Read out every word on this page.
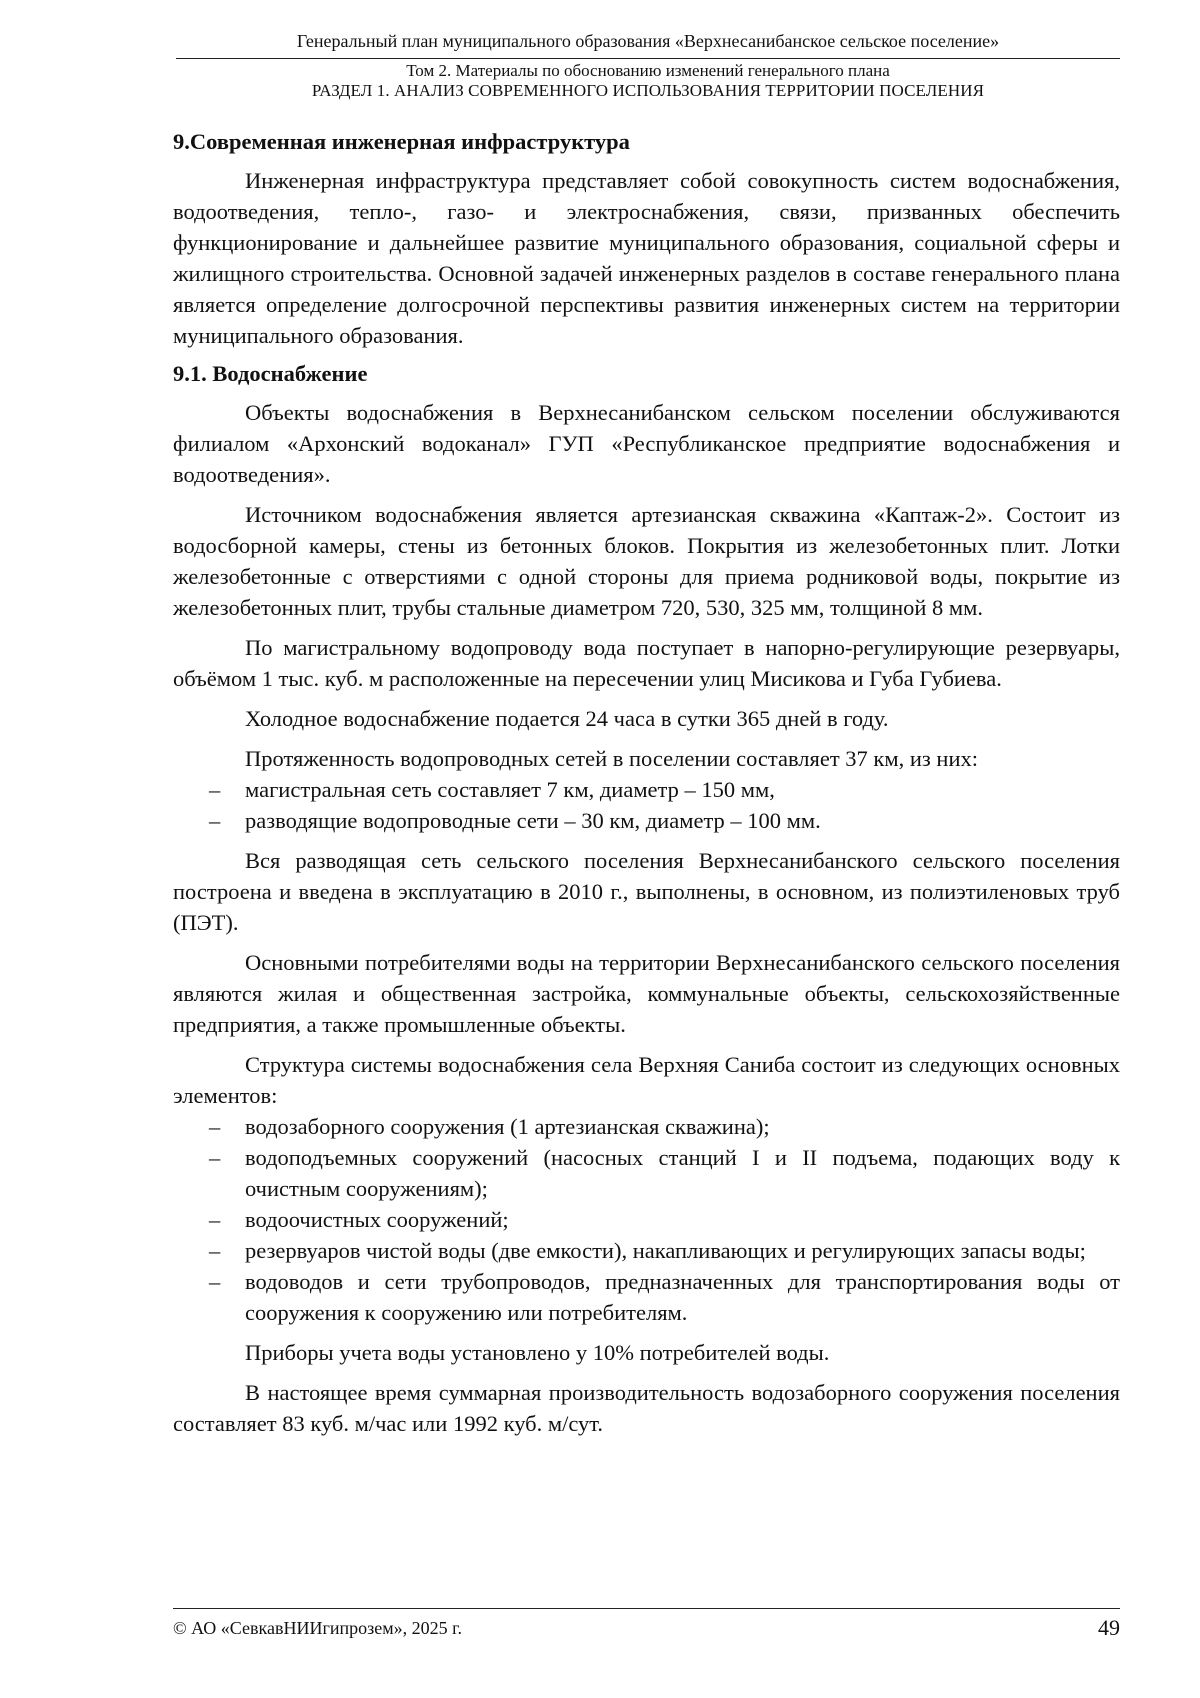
Генеральный план муниципального образования «Верхнесанибанское сельское поселение»
Том 2. Материалы по обоснованию изменений генерального плана
РАЗДЕЛ 1. АНАЛИЗ СОВРЕМЕННОГО ИСПОЛЬЗОВАНИЯ ТЕРРИТОРИИ ПОСЕЛЕНИЯ
9.Современная инженерная инфраструктура

Инженерная инфраструктура представляет собой совокупность систем водоснабжения, водоотведения, тепло-, газо- и электроснабжения, связи, призванных обеспечить функционирование и дальнейшее развитие муниципального образования, социальной сферы и жилищного строительства. Основной задачей инженерных разделов в составе генерального плана является определение долгосрочной перспективы развития инженерных систем на территории муниципального образования.

9.1. Водоснабжение

Объекты водоснабжения в Верхнесанибанском сельском поселении обслуживаются филиалом «Архонский водоканал» ГУП «Республиканское предприятие водоснабжения и водоотведения».

Источником водоснабжения является артезианская скважина «Каптаж-2». Состоит из водосборной камеры, стены из бетонных блоков. Покрытия из железобетонных плит. Лотки железобетонные с отверстиями с одной стороны для приема родниковой воды, покрытие из железобетонных плит, трубы стальные диаметром 720, 530, 325 мм, толщиной 8 мм.

По магистральному водопроводу вода поступает в напорно-регулирующие резервуары, объёмом 1 тыс. куб. м расположенные на пересечении улиц Мисикова и Губа Губиева.

Холодное водоснабжение подается 24 часа в сутки 365 дней в году.

Протяженность водопроводных сетей в поселении составляет 37 км, из них:

– магистральная сеть составляет 7 км, диаметр – 150 мм,
– разводящие водопроводные сети – 30 км, диаметр – 100 мм.

Вся разводящая сеть сельского поселения Верхнесанибанского сельского поселения построена и введена в эксплуатацию в 2010 г., выполнены, в основном, из полиэтиленовых труб (ПЭТ).

Основными потребителями воды на территории Верхнесанибанского сельского поселения являются жилая и общественная застройка, коммунальные объекты, сельскохозяйственные предприятия, а также промышленные объекты.

Структура системы водоснабжения села Верхняя Саниба состоит из следующих основных элементов:

– водозаборного сооружения (1 артезианская скважина);
– водоподъемных сооружений (насосных станций I и II подъема, подающих воду к очистным сооружениям);
– водоочистных сооружений;
– резервуаров чистой воды (две емкости), накапливающих и регулирующих запасы воды;
– водоводов и сети трубопроводов, предназначенных для транспортирования воды от сооружения к сооружению или потребителям.

Приборы учета воды установлено у 10% потребителей воды.

В настоящее время суммарная производительность водозаборного сооружения поселения составляет 83 куб. м/час или 1992 куб. м/сут.

© АО «СевкавНИИгипрозем», 2025 г.	49
